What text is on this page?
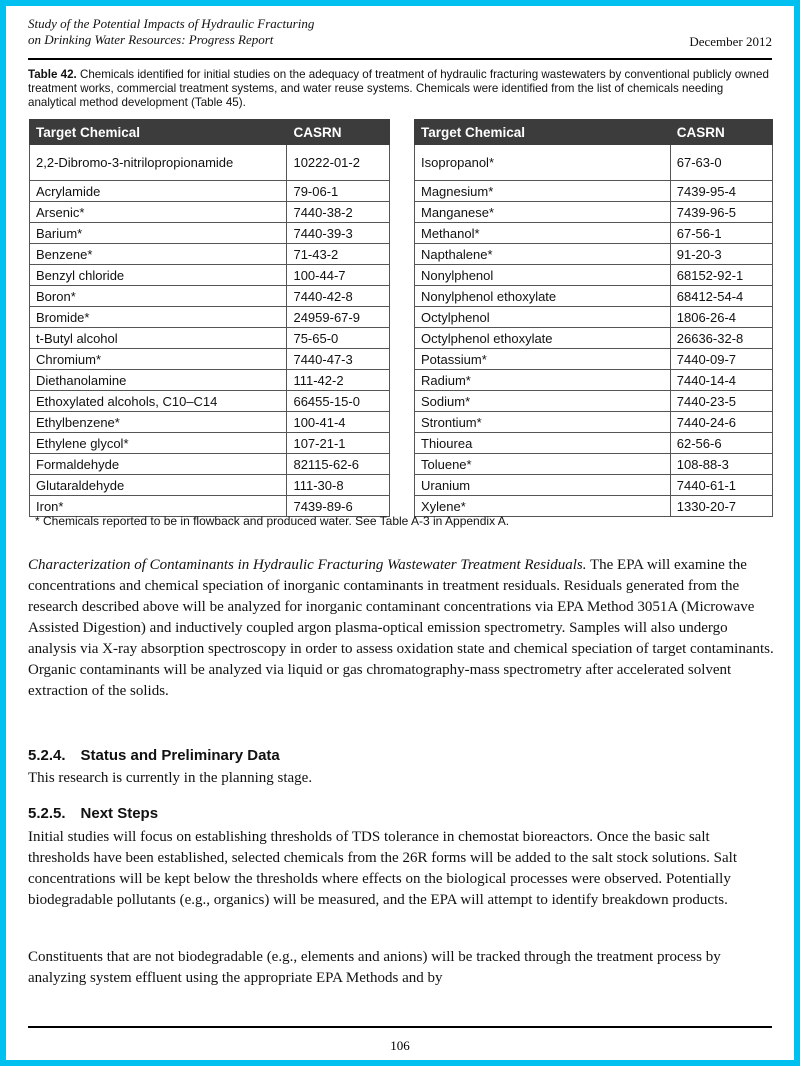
Study of the Potential Impacts of Hydraulic Fracturing
on Drinking Water Resources: Progress Report	December 2012
Table 42. Chemicals identified for initial studies on the adequacy of treatment of hydraulic fracturing wastewaters by conventional publicly owned treatment works, commercial treatment systems, and water reuse systems. Chemicals were identified from the list of chemicals needing analytical method development (Table 45).
Target Chemical	CASRN
2,2-Dibromo-3-nitrilopropionamide	10222-01-2
Acrylamide	79-06-1
Arsenic*	7440-38-2
Barium*	7440-39-3
Benzene*	71-43-2
Benzyl chloride	100-44-7
Boron*	7440-42-8
Bromide*	24959-67-9
t-Butyl alcohol	75-65-0
Chromium*	7440-47-3
Diethanolamine	111-42-2
Ethoxylated alcohols, C10–C14	66455-15-0
Ethylbenzene*	100-41-4
Ethylene glycol*	107-21-1
Formaldehyde	82115-62-6
Glutaraldehyde	111-30-8
Iron*	7439-89-6
Target Chemical	CASRN
Isopropanol*	67-63-0
Magnesium*	7439-95-4
Manganese*	7439-96-5
Methanol*	67-56-1
Napthalene*	91-20-3
Nonylphenol	68152-92-1
Nonylphenol ethoxylate	68412-54-4
Octylphenol	1806-26-4
Octylphenol ethoxylate	26636-32-8
Potassium*	7440-09-7
Radium*	7440-14-4
Sodium*	7440-23-5
Strontium*	7440-24-6
Thiourea	62-56-6
Toluene*	108-88-3
Uranium	7440-61-1
Xylene*	1330-20-7
* Chemicals reported to be in flowback and produced water. See Table A-3 in Appendix A.

Characterization of Contaminants in Hydraulic Fracturing Wastewater Treatment Residuals. The EPA will examine the concentrations and chemical speciation of inorganic contaminants in treatment residuals. Residuals generated from the research described above will be analyzed for inorganic contaminant concentrations via EPA Method 3051A (Microwave Assisted Digestion) and inductively coupled argon plasma-optical emission spectrometry. Samples will also undergo analysis via X-ray absorption spectroscopy in order to assess oxidation state and chemical speciation of target contaminants. Organic contaminants will be analyzed via liquid or gas chromatography-mass spectrometry after accelerated solvent extraction of the solids.

5.2.4. Status and Preliminary Data

This research is currently in the planning stage.

5.2.5. Next Steps

Initial studies will focus on establishing thresholds of TDS tolerance in chemostat bioreactors. Once the basic salt thresholds have been established, selected chemicals from the 26R forms will be added to the salt stock solutions. Salt concentrations will be kept below the thresholds where effects on the biological processes were observed. Potentially biodegradable pollutants (e.g., organics) will be measured, and the EPA will attempt to identify breakdown products.

Constituents that are not biodegradable (e.g., elements and anions) will be tracked through the treatment process by analyzing system effluent using the appropriate EPA Methods and by

106
